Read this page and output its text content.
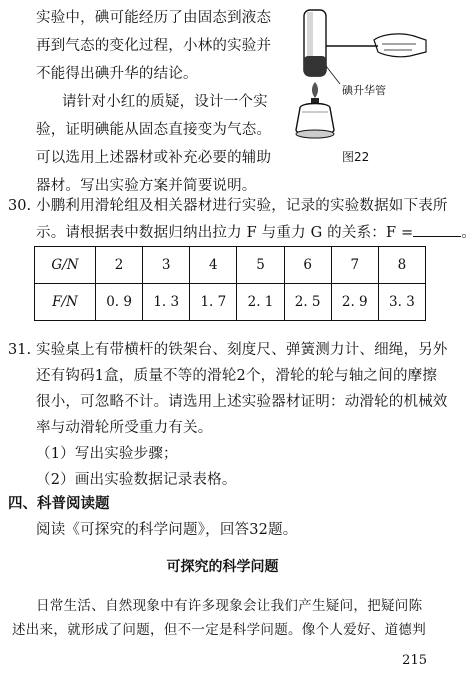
实验中，碘可能经历了由固态到液态
再到气态的变化过程，小林的实验并
不能得出碘升华的结论。
请针对小红的质疑，设计一个实
验，证明碘能从固态直接变为气态。
可以选用上述器材或补充必要的辅助
器材。写出实验方案并简要说明。
碘升华管
图22
30. 小鹏利用滑轮组及相关器材进行实验，记录的实验数据如下表所
示。请根据表中数据归纳出拉力 F 与重力 G 的关系：F =	。
G/N	2	3	4	5	6	7	8
F/N	0. 9	1. 3	1. 7	2. 1	2. 5	2. 9	3. 3
31. 实验桌上有带横杆的铁架台、刻度尺、弹簧测力计、细绳，另外
还有钩码1盒，质量不等的滑轮2个，滑轮的轮与轴之间的摩擦
很小，可忽略不计。请选用上述实验器材证明：动滑轮的机械效
率与动滑轮所受重力有关。
（1）写出实验步骤；
（2）画出实验数据记录表格。
四、科普阅读题
阅读《可探究的科学问题》，回答32题。
可探究的科学问题
日常生活、自然现象中有许多现象会让我们产生疑问，把疑问陈
述出来，就形成了问题，但不一定是科学问题。像个人爱好、道德判
215
